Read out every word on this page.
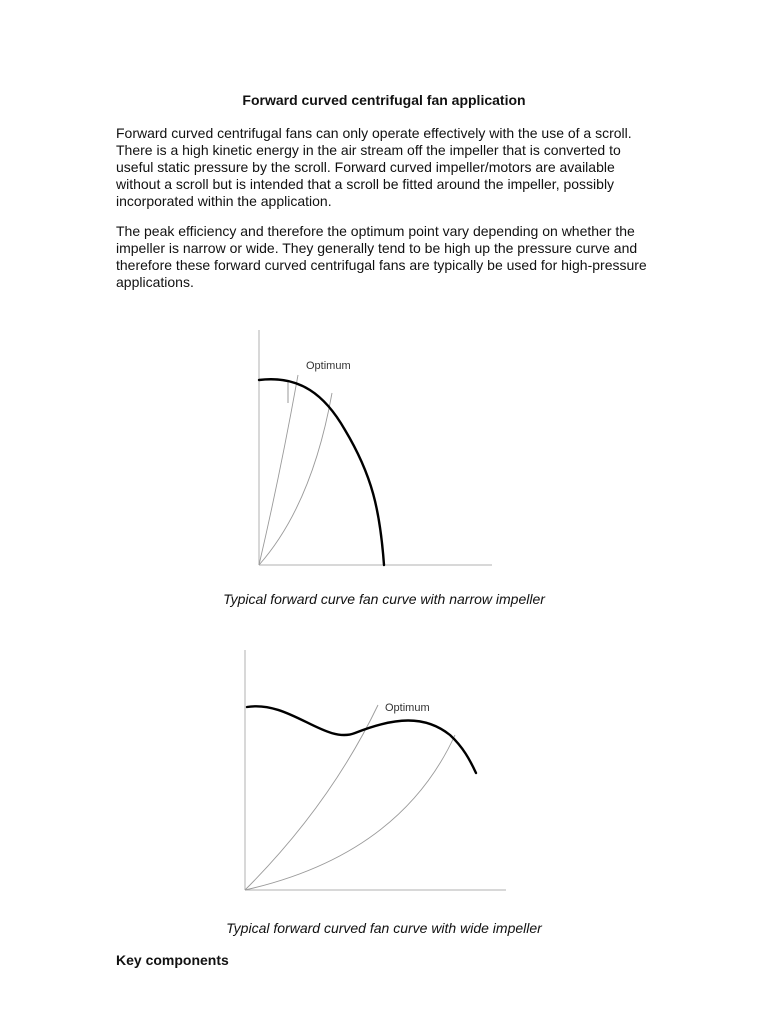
Forward curved centrifugal fan application

Forward curved centrifugal fans can only operate effectively with the use of a scroll. There is a high kinetic energy in the air stream off the impeller that is converted to useful static pressure by the scroll. Forward curved impeller/motors are available without a scroll but is intended that a scroll be fitted around the impeller, possibly incorporated within the application.

The peak efficiency and therefore the optimum point vary depending on whether the impeller is narrow or wide. They generally tend to be high up the pressure curve and therefore these forward curved centrifugal fans are typically be used for high-pressure applications.

Optimum
Typical forward curve fan curve with narrow impeller
Optimum
Typical forward curved fan curve with wide impeller
Key components
